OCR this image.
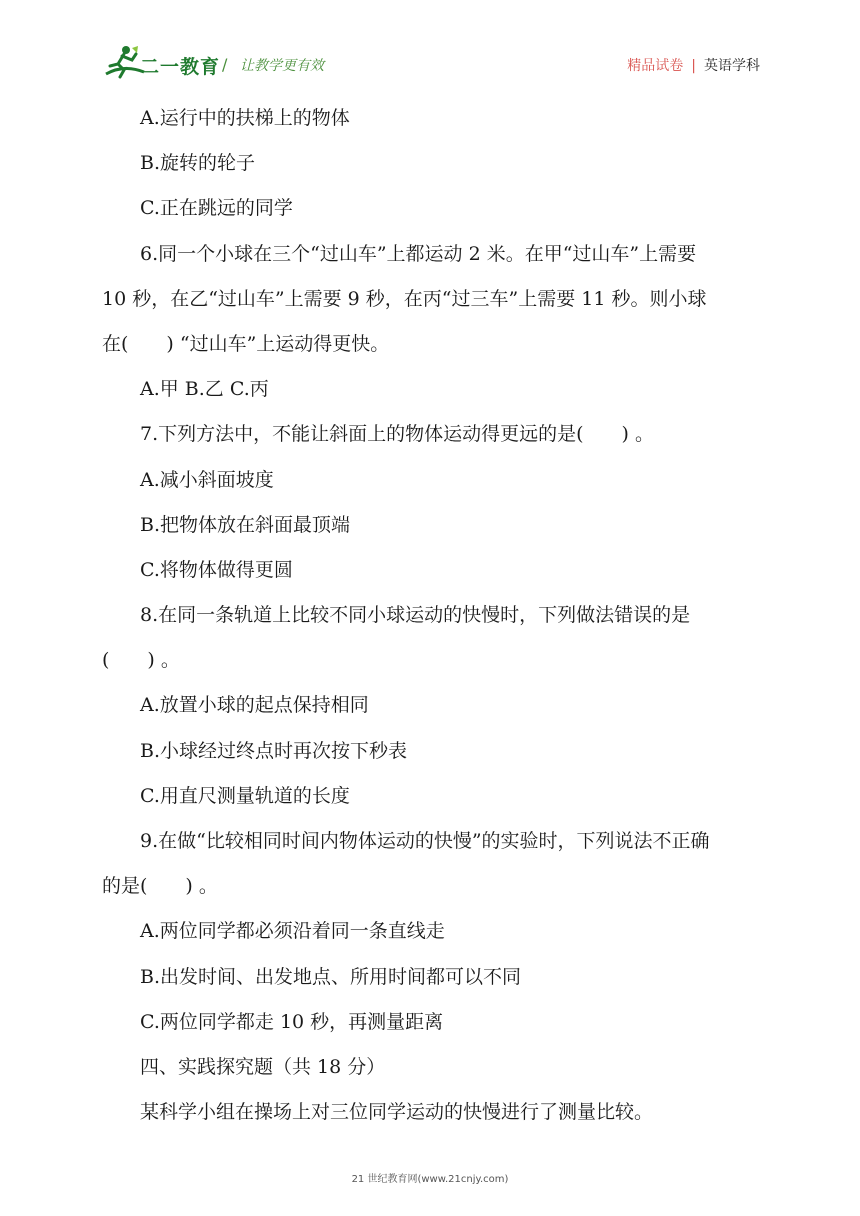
二一教育 / 让教学更有效	精品试卷 | 英语学科
A.运行中的扶梯上的物体
B.旋转的轮子
C.正在跳远的同学
6.同一个小球在三个“过山车”上都运动 2 米。在甲“过山车”上需要
10 秒，在乙“过山车”上需要 9 秒，在丙“过三车”上需要 11 秒。则小球
在(　　) “过山车”上运动得更快。
A.甲 B.乙 C.丙
7.下列方法中，不能让斜面上的物体运动得更远的是(　　) 。
A.减小斜面坡度
B.把物体放在斜面最顶端
C.将物体做得更圆
8.在同一条轨道上比较不同小球运动的快慢时，下列做法错误的是
(　　) 。
A.放置小球的起点保持相同
B.小球经过终点时再次按下秒表
C.用直尺测量轨道的长度
9.在做“比较相同时间内物体运动的快慢”的实验时，下列说法不正确
的是(　　) 。
A.两位同学都必须沿着同一条直线走
B.出发时间、出发地点、所用时间都可以不同
C.两位同学都走 10 秒，再测量距离
四、实践探究题（共 18 分）
某科学小组在操场上对三位同学运动的快慢进行了测量比较。
21 世纪教育网(www.21cnjy.com)
